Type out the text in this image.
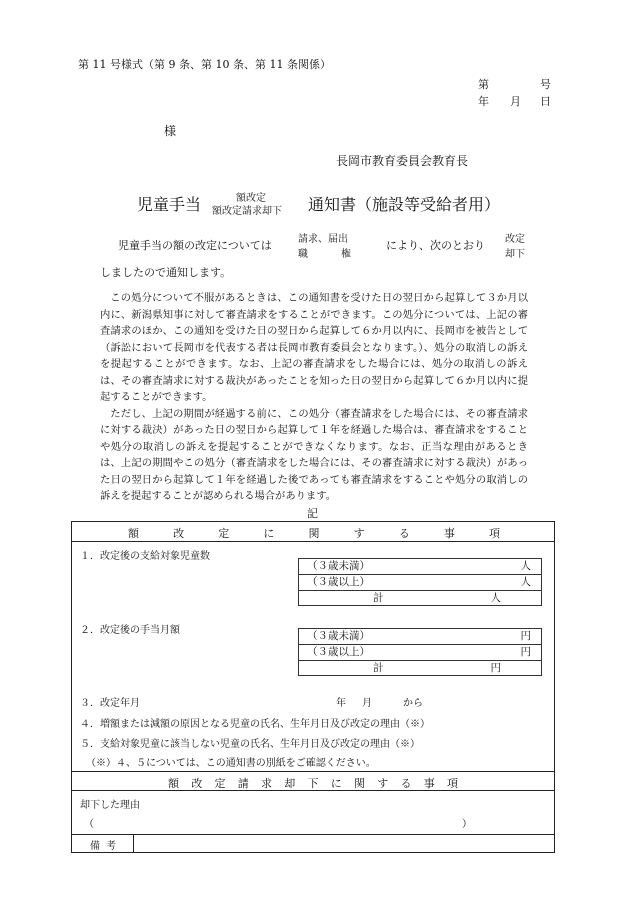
第 11 号様式（第 9 条、第 10 条、第 11 条関係）
第	号
年 月 日
様
長岡市教育委員会教育長
児童手当	額改定
額改定請求却下 通知書（施設等受給者用）
児童手当の額の改定については	請求、届出
職	権
により、次のとおり 改定
却下
しましたので通知します。

この処分について不服があるときは、この通知書を受けた日の翌日から起算して３か月以内に、新潟県知事に対して審査請求をすることができます。この処分については、上記の審査請求のほか、この通知を受けた日の翌日から起算して６か月以内に、長岡市を被告として（訴訟において長岡市を代表する者は長岡市教育委員会となります。）、処分の取消しの訴えを提起することができます。なお、上記の審査請求をした場合には、処分の取消しの訴えは、その審査請求に対する裁決があったことを知った日の翌日から起算して６か月以内に提起することができます。

ただし、上記の期間が経過する前に、この処分（審査請求をした場合には、その審査請求に対する裁決）があった日の翌日から起算して１年を経過した場合は、審査請求をすることや処分の取消しの訴えを提起することができなくなります。なお、正当な理由があるときは、上記の期間やこの処分（審査請求をした場合には、その審査請求に対する裁決）があった日の翌日から起算して１年を経過した後であっても審査請求をすることや処分の取消しの訴えを提起することが認められる場合があります。

記
額	改	定	に	関	す	る	事	項
１．改定後の支給対象児童数
（３歳未満）	人
（３歳以上）	人
計	人
２．改定後の手当月額	（３歳未満）	円
（３歳以上）	円
計	円
３．改定年月	年 月	から
４．増額または減額の原因となる児童の氏名、生年月日及び改定の理由（※）
５．支給対象児童に該当しない児童の氏名、生年月日及び改定の理由（※）
（※）４、５については、この通知書の別紙をご確認ください。
額 改 定 請 求 却 下 に 関 す る 事 項
却下した理由
（	）
備考
